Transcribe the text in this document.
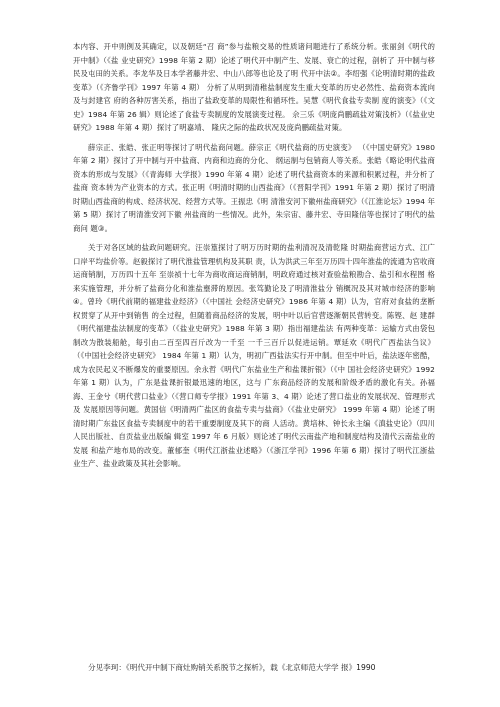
本内容、开中则例及其确定，以及朝廷“召 商”参与盐粮交易的性质诸问题进行了系统分析。张丽剑《明代的开中制》（《盐 业史研究》1998 年第 2 期）论述了明代开中制产生、发展、衰亡的过程，剖析了 开中制与移民及屯田的关系。李龙华及日本学者藤井宏、中山八郎等也论及了明 代开中法②。李绍强《论明清时期的盐政变革》（《齐鲁学刊》1997 年第 4 期） 分析了从明到清稚盐制度发生重大变革的历史必然性、盐商资本流向及与封建官 府的各种厉害关系，指出了盐政变革的局限性和循环性。吴慧《明代食盐专卖制 度的演变》（《文史》1984 年第 26 辑）则论述了食盐专卖制度的发展演变过程。 佘三乐《明庞尚鹏疏盐对策浅析》（《盐业史研究》1988 年第 4 期）探讨了明嘉靖、 隆庆之际的盐政状况及庞尚鹏疏盐对策。

薛宗正、张皓、张正明等探讨了明代盐商问题。薛宗正《明代盐商的历史演变》 （《中国史研究》1980 年第 2 期）探讨了开中制与开中盐商、内商和边商的分化、 纲运制与包销商人等关系。张皓《略论明代盐商资本的形成与发展》（《青海师 大学报》1990 年第 4 期）论述了明代盐商资本的来源和积累过程，并分析了盐商 资本转为产业资本的方式。张正明《明清时期的山西盐商》（《晋阳学刊》1991 年第 2 期）探讨了明清时期山西盐商的构成、经济状况、经营方式等。王振忠《明 清淮安河下徽州盐商研究》（《江淮论坛》1994 年第 5 期）探讨了明清淮安河下徽 州盐商的一些情况。此外，朱宗宙、藤井宏、寺田隆信等也探讨了明代的盐商问 题③。

关于对各区域的盐政问题研究。汪崇篁探讨了明万历时期的盐利清况及清乾隆 时期盐商营运方式、江广口岸平均盐价等。赵毅探讨了明代淮盐管理机构及其职 责，认为洪武三年至万历四十四年淮盐的流通为官收商运商销制，万历四十五年 至崇祯十七年为商收商运商销制，明政府通过核对查验盐粮勘合、盐引和水程图 格来实施管理，并分析了盐商分化和淮盐壅滞的原因。张笃勤论及了明清淮盐分 销概况及其对城市经济的影响④。曾玲《明代前期的福建盐业经济》（《中国社 会经济史研究》1986 年第 4 期）认为，官府对食盐的垄断权贯穿了从开中到销售 的全过程，但随着商品经济的发展，明中叶以后官营逐渐朝民营转变。陈铿、赵 建群《明代福建盐法制度的变革》（《盐业史研究》1988 年第 3 期）指出福建盐法 有两种变革：运输方式由袋包制改为散装船舱，每引由二百至四百斤改为一千至 一千三百斤以促进运销。覃延欢《明代广西盐法刍议》（《中国社会经济史研究》 1984 年第 1 期）认为，明初广西盐法实行开中制。但至中叶后，盐法逐年密酷， 成为农民起义不断爆发的重要原因。余永哲《明代广东盐业生产和盐课折银》（《中 国社会经济史研究》1992 年第 1 期）认为，广东是盐课折银最迅速的地区，这与 广东商品经济的发展和阶级矛盾的激化有关。孙福海、王金兮《明代营口盐业》（《营口师专学报》1991 年第 3、4 期）论述了营口盐业的发展状况、管理形式及 发展原因等问题。黄国信《明清两广盐区的食盐专卖与盐商》（《盐业史研究》 1999 年第 4 期）论述了明清时期广东盐区食盐专卖制度中的若干重要制度及其下的商 人活动。黄培林、钟长永主编《滇盐史论》（四川人民出版社、自贡盐业出版编 辑室 1997 年 6 月版）则论述了明代云南盐产地和制度结构及清代云南盐业的发展 和盐产地布局的改变。董郁奎《明代江浙盐业述略》（《浙江学刊》1996 年第 6 期）探讨了明代江浙盐业生产、盐业政策及其社会影响。

分见李珂：《明代开中制下商灶购销关系脱节之探析》，载《北京师范大学学 报》1990
